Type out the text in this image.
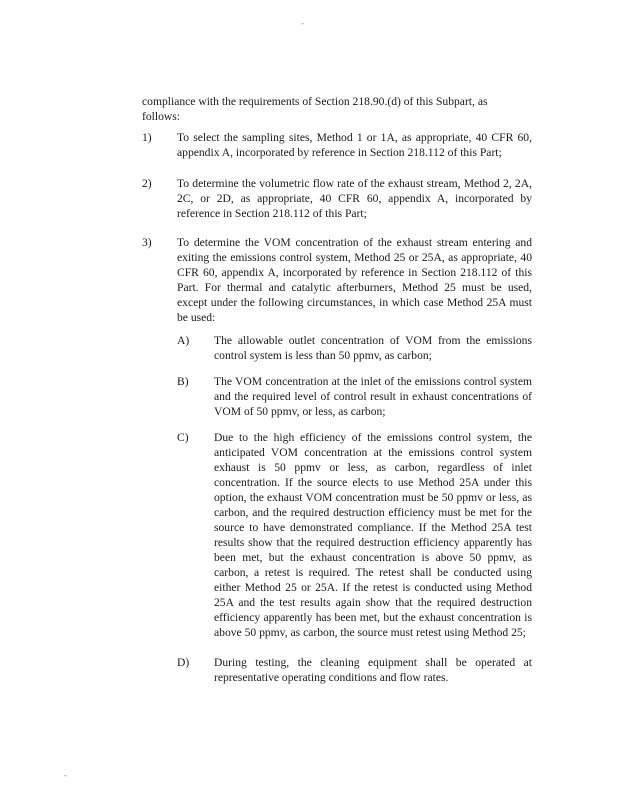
-
compliance with the requirements of Section 218.90.(d) of this Subpart, as follows:
1)	To select the sampling sites, Method 1 or 1A, as appropriate, 40 CFR 60, appendix A, incorporated by reference in Section 218.112 of this Part;
2)	To determine the volumetric flow rate of the exhaust stream, Method 2, 2A, 2C, or 2D, as appropriate, 40 CFR 60, appendix A, incorporated by reference in Section 218.112 of this Part;
3)	To determine the VOM concentration of the exhaust stream entering and exiting the emissions control system, Method 25 or 25A, as appropriate, 40 CFR 60, appendix A, incorporated by reference in Section 218.112 of this Part. For thermal and catalytic afterburners, Method 25 must be used, except under the following circumstances, in which case Method 25A must be used:
A)	The allowable outlet concentration of VOM from the emissions control system is less than 50 ppmv, as carbon;
B)	The VOM concentration at the inlet of the emissions control system and the required level of control result in exhaust concentrations of VOM of 50 ppmv, or less, as carbon;
C)	Due to the high efficiency of the emissions control system, the anticipated VOM concentration at the emissions control system exhaust is 50 ppmv or less, as carbon, regardless of inlet concentration. If the source elects to use Method 25A under this option, the exhaust VOM concentration must be 50 ppmv or less, as carbon, and the required destruction efficiency must be met for the source to have demonstrated compliance. If the Method 25A test results show that the required destruction efficiency apparently has been met, but the exhaust concentration is above 50 ppmv, as carbon, a retest is required. The retest shall be conducted using either Method 25 or 25A. If the retest is conducted using Method 25A and the test results again show that the required destruction efficiency apparently has been met, but the exhaust concentration is above 50 ppmv, as carbon, the source must retest using Method 25;
D)	During testing, the cleaning equipment shall be operated at representative operating conditions and flow rates.
-
